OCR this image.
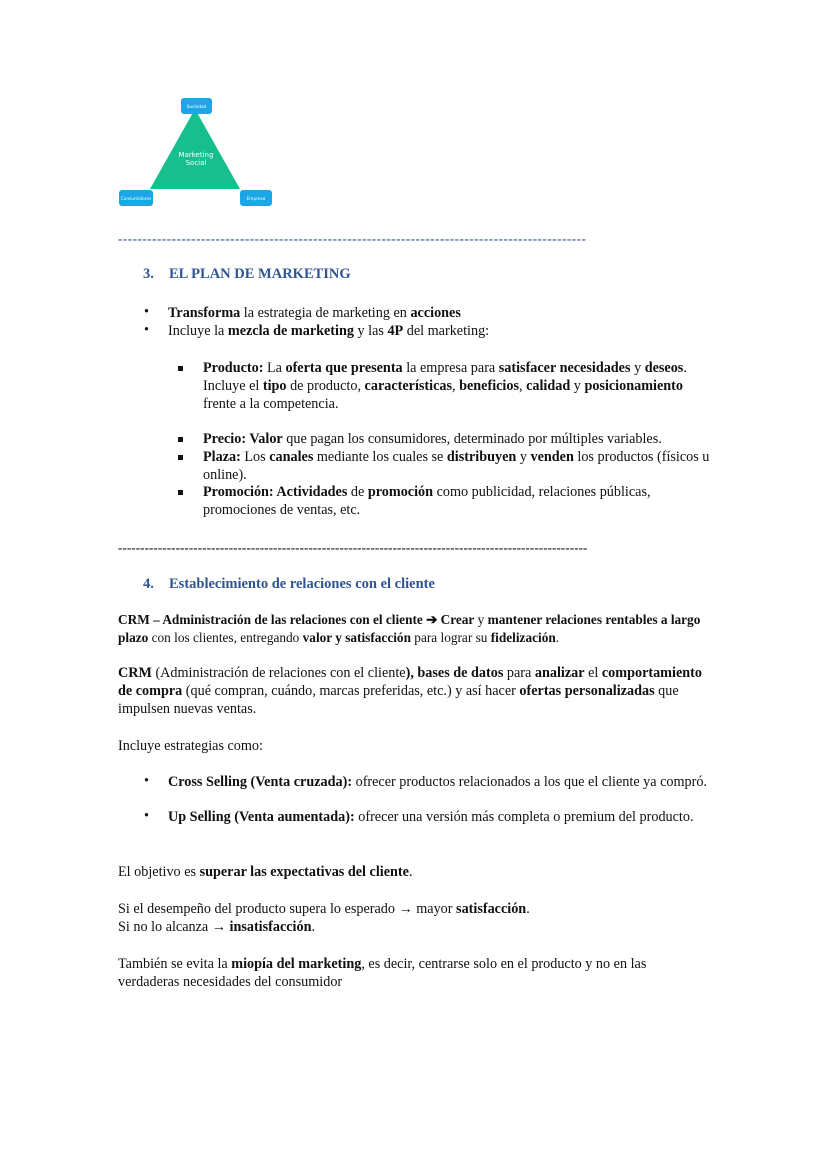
Sociedad
Consumidores	Empresa
Marketing
Social
------------------------------------------------------------------------------------------------
3. EL PLAN DE MARKETING
• Transforma la estrategia de marketing en acciones
• Incluye la mezcla de marketing y las 4P del marketing:
Producto: La oferta que presenta la empresa para satisfacer necesidades y deseos.
Incluye el tipo de producto, características, beneficios, calidad y posicionamiento frente a la competencia.
Precio: Valor que pagan los consumidores, determinado por múltiples variables.
Plaza: Los canales mediante los cuales se distribuyen y venden los productos (físicos u online).
Promoción: Actividades de promoción como publicidad, relaciones públicas, promociones de ventas, etc.
----------------------------------------------------------------------------------------------------------
4. Establecimiento de relaciones con el cliente
CRM – Administración de las relaciones con el cliente ➔ Crear y mantener relaciones rentables a largo plazo con los clientes, entregando valor y satisfacción para lograr su fidelización.
CRM (Administración de relaciones con el cliente), bases de datos para analizar el comportamiento de compra (qué compran, cuándo, marcas preferidas, etc.) y así hacer ofertas personalizadas que impulsen nuevas ventas.
Incluye estrategias como:
• Cross Selling (Venta cruzada): ofrecer productos relacionados a los que el cliente ya compró.
• Up Selling (Venta aumentada): ofrecer una versión más completa o premium del producto.
El objetivo es superar las expectativas del cliente.
Si el desempeño del producto supera lo esperado → mayor satisfacción.
Si no lo alcanza → insatisfacción.
También se evita la miopía del marketing, es decir, centrarse solo en el producto y no en las verdaderas necesidades del consumidor
